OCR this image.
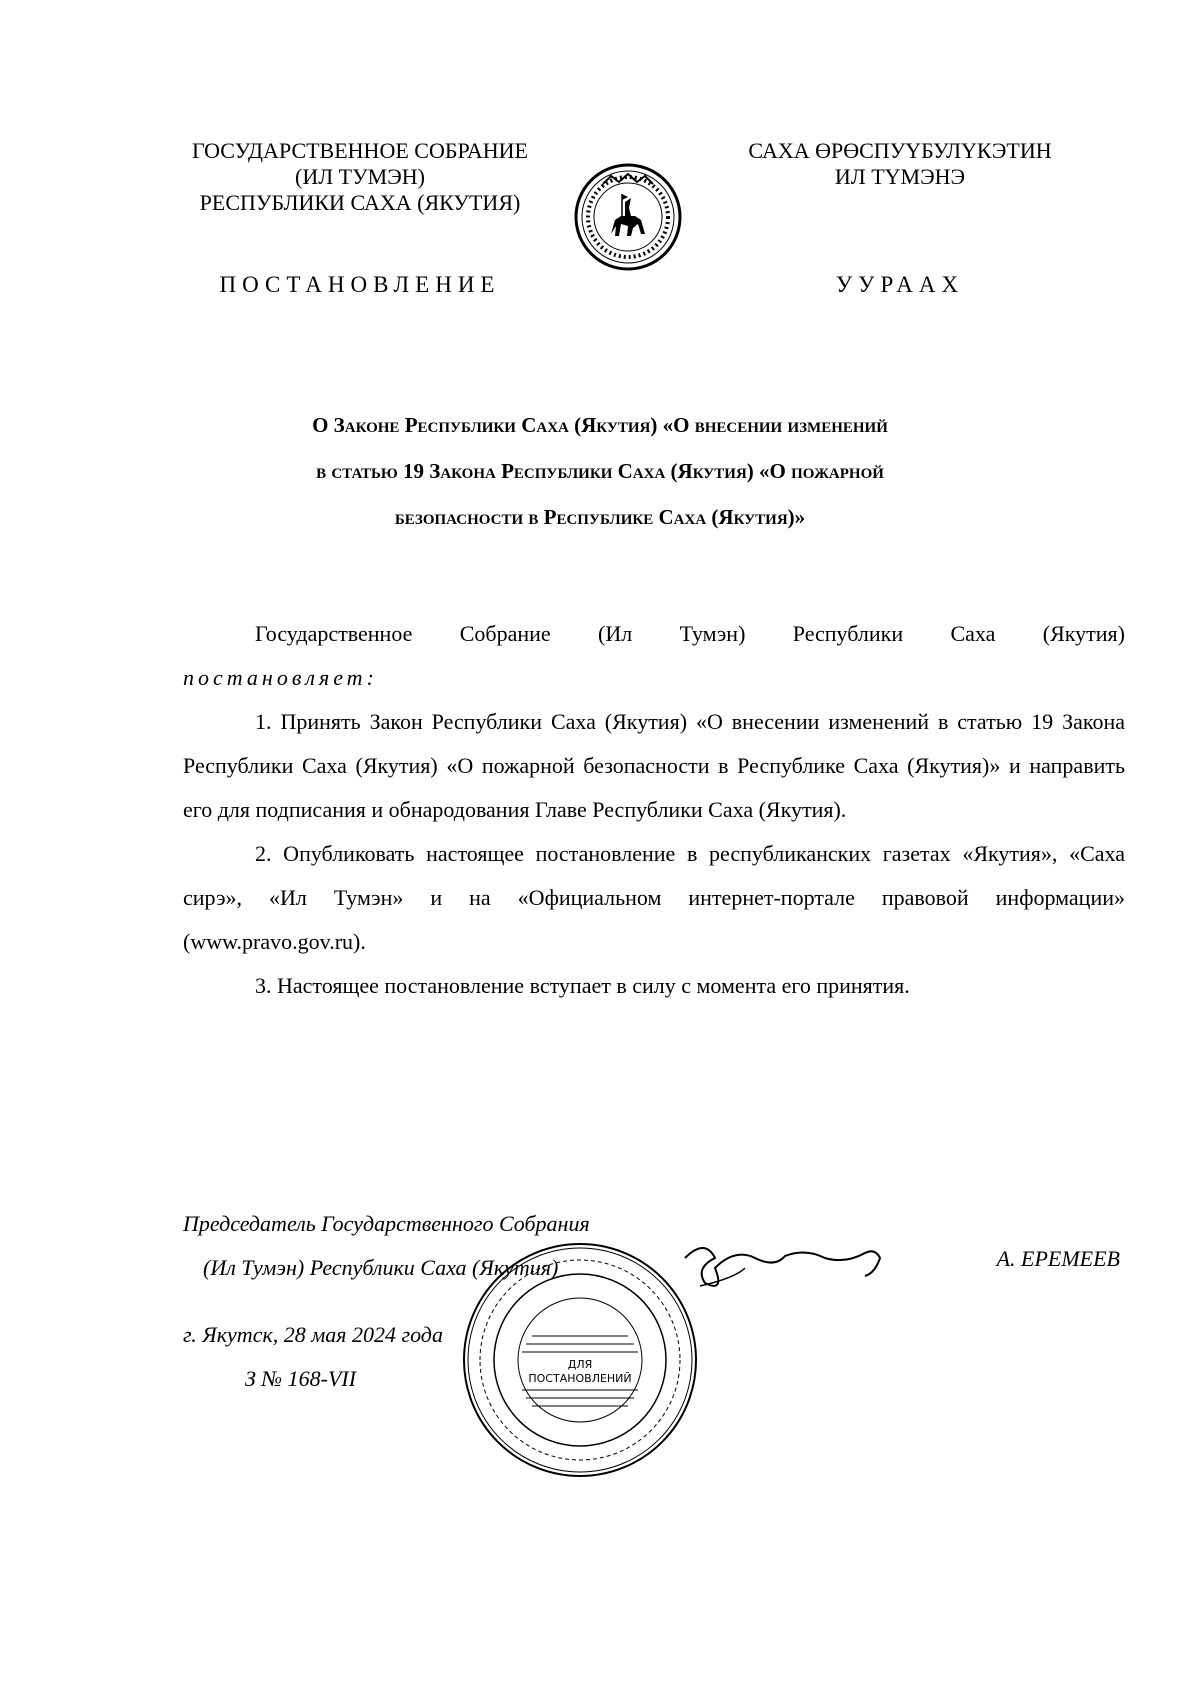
ГОСУДАРСТВЕННОЕ СОБРАНИЕ
(ИЛ ТУМЭН)
РЕСПУБЛИКИ САХА (ЯКУТИЯ)
САХА ӨРӨСПУҮБУЛҮКЭТИН
ИЛ ТҮМЭНЭ
ПОСТАНОВЛЕНИЕ	УУРААХ
О Законе Республики Саха (Якутия) «О внесении изменений
в статью 19 Закона Республики Саха (Якутия) «О пожарной
безопасности в Республике Саха (Якутия)»

Государственное Собрание (Ил Тумэн) Республики Саха (Якутия)

постановляет:

1. Принять Закон Республики Саха (Якутия) «О внесении изменений в статью 19 Закона Республики Саха (Якутия) «О пожарной безопасности в Республике Саха (Якутия)» и направить его для подписания и обнародования Главе Республики Саха (Якутия).

2. Опубликовать настоящее постановление в республиканских газетах «Якутия», «Саха сирэ», «Ил Тумэн» и на «Официальном интернет-портале правовой информации» (www.pravo.gov.ru).

3. Настоящее постановление вступает в силу с момента его принятия.

Председатель Государственного Собрания
(Ил Тумэн) Республики Саха (Якутия)
ДЛЯ
ПОСТАНОВЛЕНИЙ
А. ЕРЕМЕЕВ
г. Якутск, 28 мая 2024 года
З № 168-VII
